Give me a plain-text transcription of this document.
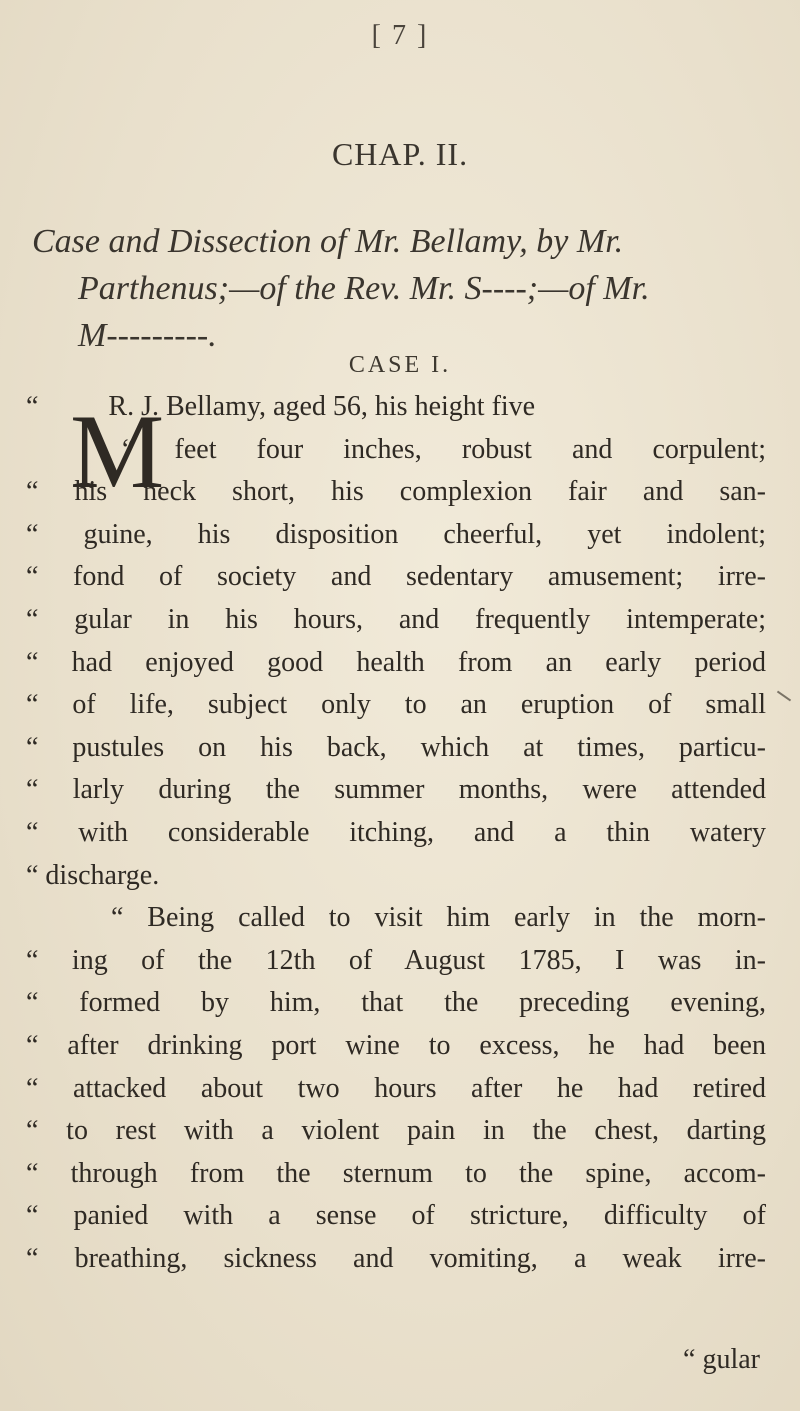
[ 7 ]
CHAP. II.
Case and Dissection of Mr. Bellamy, by Mr.
Parthenus;—of the Rev. Mr. S----;—of Mr.
M---------.
CASE I.
M
“          R. J. Bellamy, aged 56, his height five
“ feet four inches, robust and corpulent;
“ his neck short, his complexion fair and san-
“ guine, his disposition cheerful, yet indolent;
“ fond of society and sedentary amusement; irre-
“ gular in his hours, and frequently intemperate;
“ had enjoyed good health from an early period
“ of life, subject only to an eruption of small
“ pustules on his back, which at times, particu-
“ larly during the summer months, were attended
“ with considerable itching, and a thin watery
“ discharge.
“ Being called to visit him early in the morn-
“ ing of the 12th of August 1785, I was in-
“ formed by him, that the preceding evening,
“ after drinking port wine to excess, he had been
“ attacked about two hours after he had retired
“ to rest with a violent pain in the chest, darting
“ through from the sternum to the spine, accom-
“ panied with a sense of stricture, difficulty of
“ breathing, sickness and vomiting, a weak irre-
“ gular
